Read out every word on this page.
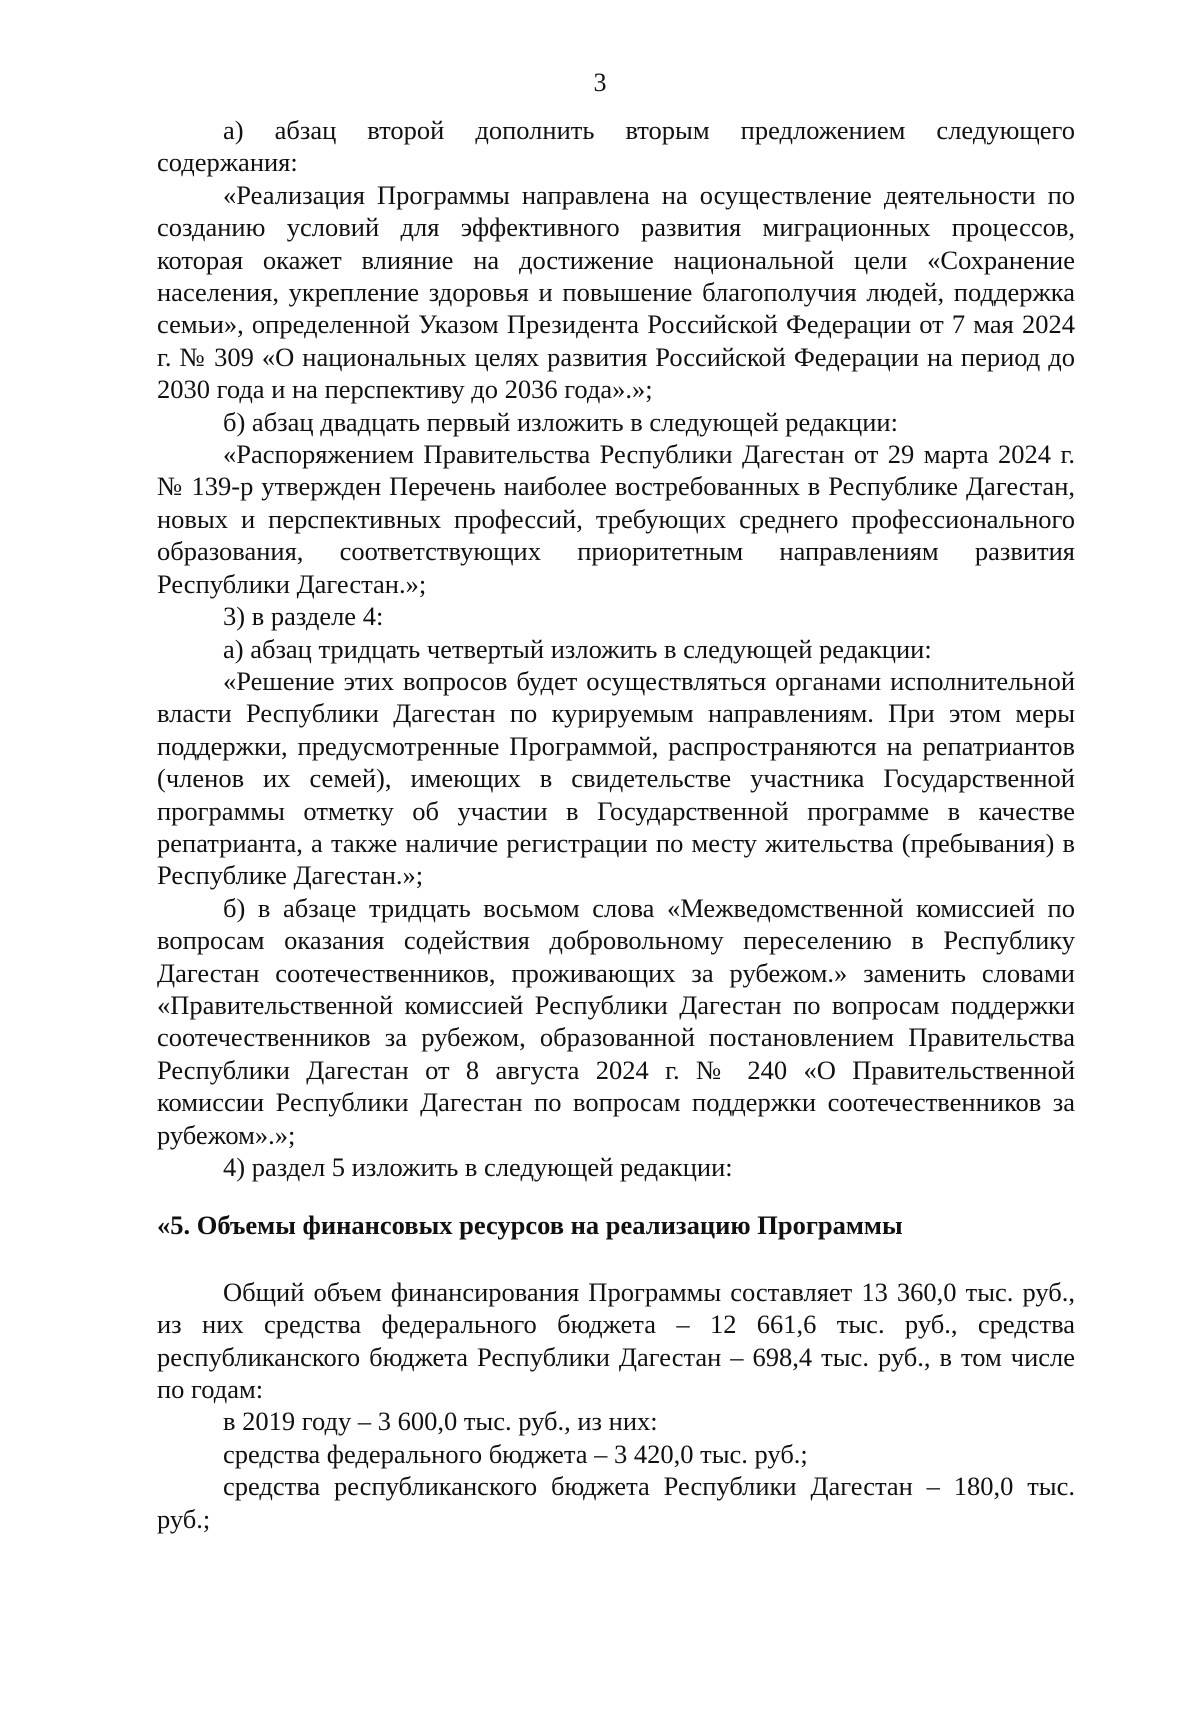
3

а) абзац второй дополнить вторым предложением следующего содержания:

«Реализация Программы направлена на осуществление деятельности по созданию условий для эффективного развития миграционных процессов, которая окажет влияние на достижение национальной цели «Сохранение населения, укрепление здоровья и повышение благополучия людей, поддержка семьи», определенной Указом Президента Российской Федерации от 7 мая 2024 г. № 309 «О национальных целях развития Российской Федерации на период до 2030 года и на перспективу до 2036 года».»;

б) абзац двадцать первый изложить в следующей редакции:

«Распоряжением Правительства Республики Дагестан от 29 марта 2024 г. № 139-р утвержден Перечень наиболее востребованных в Республике Дагестан, новых и перспективных профессий, требующих среднего профессионального образования, соответствующих приоритетным направлениям развития Республики Дагестан.»;

3) в разделе 4:

а) абзац тридцать четвертый изложить в следующей редакции:

«Решение этих вопросов будет осуществляться органами исполнительной власти Республики Дагестан по курируемым направлениям. При этом меры поддержки, предусмотренные Программой, распространяются на репатриантов (членов их семей), имеющих в свидетельстве участника Государственной программы отметку об участии в Государственной программе в качестве репатрианта, а также наличие регистрации по месту жительства (пребывания) в Республике Дагестан.»;

б) в абзаце тридцать восьмом слова «Межведомственной комиссией по вопросам оказания содействия добровольному переселению в Республику Дагестан соотечественников, проживающих за рубежом.» заменить словами «Правительственной комиссией Республики Дагестан по вопросам поддержки соотечественников за рубежом, образованной постановлением Правительства Республики Дагестан от 8 августа 2024 г. № 240 «О Правительственной комиссии Республики Дагестан по вопросам поддержки соотечественников за рубежом».»;

4) раздел 5 изложить в следующей редакции:

«5. Объемы финансовых ресурсов на реализацию Программы

Общий объем финансирования Программы составляет 13 360,0 тыс. руб., из них средства федерального бюджета – 12 661,6 тыс. руб., средства республиканского бюджета Республики Дагестан – 698,4 тыс. руб., в том числе по годам:

в 2019 году – 3 600,0 тыс. руб., из них:

средства федерального бюджета – 3 420,0 тыс. руб.;

средства республиканского бюджета Республики Дагестан – 180,0 тыс. руб.;
